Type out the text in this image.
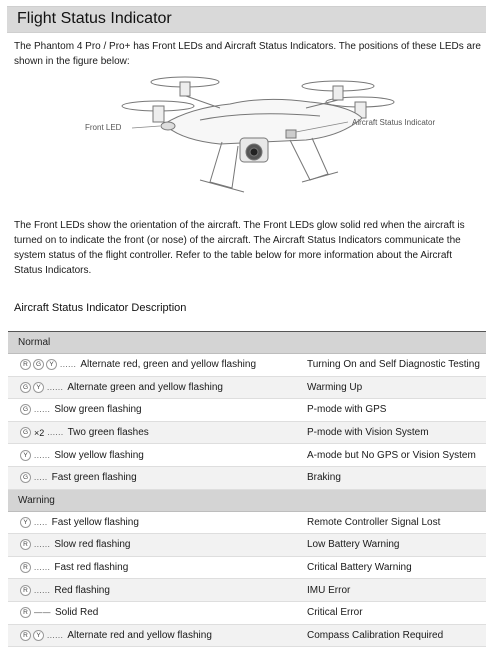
Flight Status Indicator

The Phantom 4 Pro / Pro+ has Front LEDs and Aircraft Status Indicators. The positions of these LEDs are shown in the figure below:

Front LED
Aircraft Status Indicator

The Front LEDs show the orientation of the aircraft. The Front LEDs glow solid red when the aircraft is turned on to indicate the front (or nose) of the aircraft. The Aircraft Status Indicators communicate the system status of the flight controller. Refer to the table below for more information about the Aircraft Status Indicators.

Aircraft Status Indicator Description

Normal
R	G	Y ...... Alternate red, green and yellow flashing	Turning On and Self Diagnostic Testing
G	Y ...... Alternate green and yellow flashing	Warming Up
G ...... Slow green flashing	P-mode with GPS
G ×2 ...... Two green flashes	P-mode with Vision System
Y ...... Slow yellow flashing	A-mode but No GPS or Vision System
G ..... Fast green flashing	Braking
Warning
Y ..... Fast yellow flashing	Remote Controller Signal Lost
R ...... Slow red flashing	Low Battery Warning
R ...... Fast red flashing	Critical Battery Warning
R ...... Red flashing	IMU Error
R —— Solid Red	Critical Error
R	Y ...... Alternate red and yellow flashing	Compass Calibration Required
